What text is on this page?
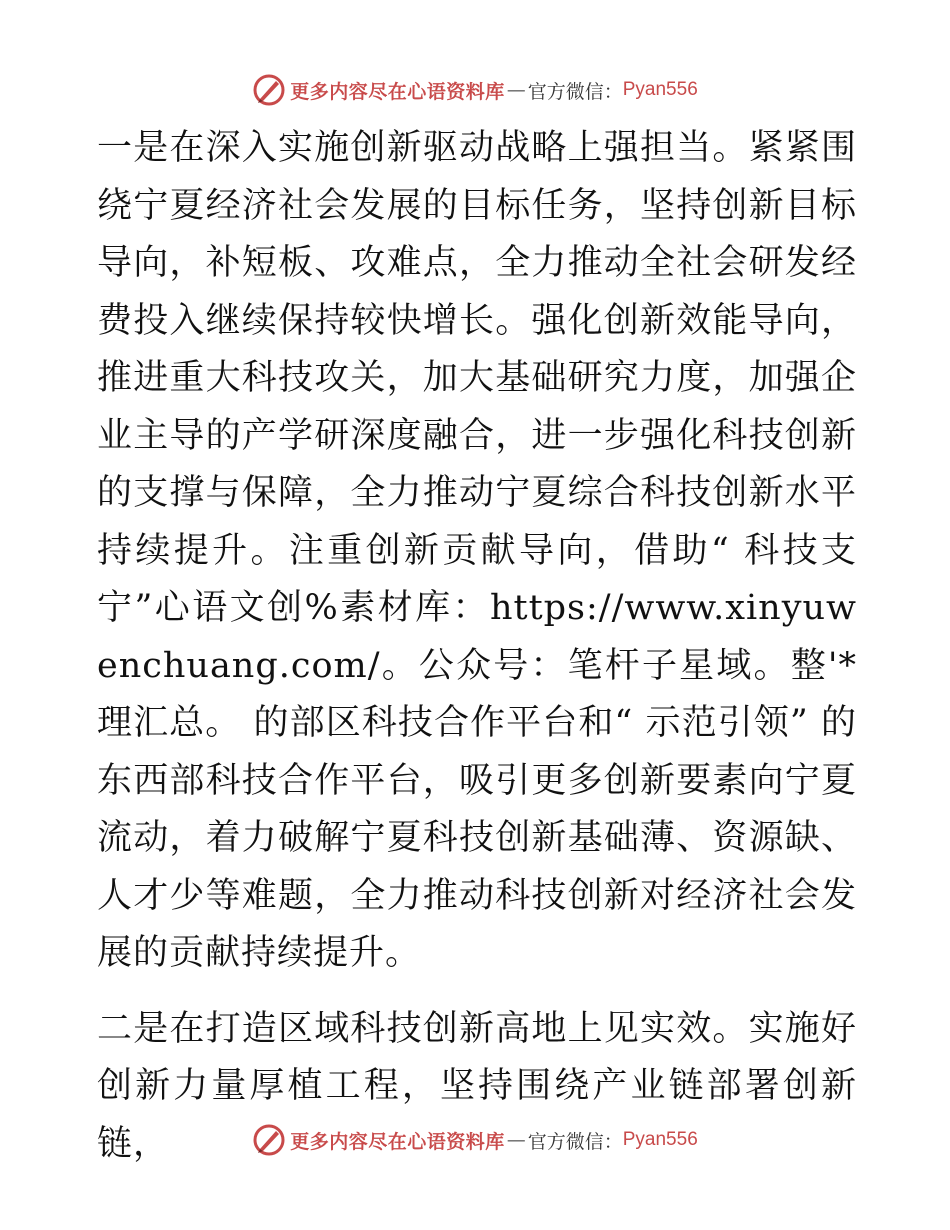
更多内容尽在心语资料库 — 官方微信： Pyan556

一是在深入实施创新驱动战略上强担当。紧紧围绕宁夏经济社会发展的目标任务，坚持创新目标导向，补短板、攻难点，全力推动全社会研发经费投入继续保持较快增长。强化创新效能导向，推进重大科技攻关，加大基础研究力度，加强企业主导的产学研深度融合，进一步强化科技创新的支撑与保障，全力推动宁夏综合科技创新水平持续提升。注重创新贡献导向，借助“ 科技支宁”心语文创%素材库：https://www.xinyuwenchuang.com/。公众号：笔杆子星域。整'*理汇总。 的部区科技合作平台和“ 示范引领” 的东西部科技合作平台，吸引更多创新要素向宁夏流动，着力破解宁夏科技创新基础薄、资源缺、人才少等难题，全力推动科技创新对经济社会发展的贡献持续提升。

二是在打造区域科技创新高地上见实效。实施好创新力量厚植工程，坚持围绕产业链部署创新链，	更多内容尽在心语资料库 — 官方微信： Pyan556
